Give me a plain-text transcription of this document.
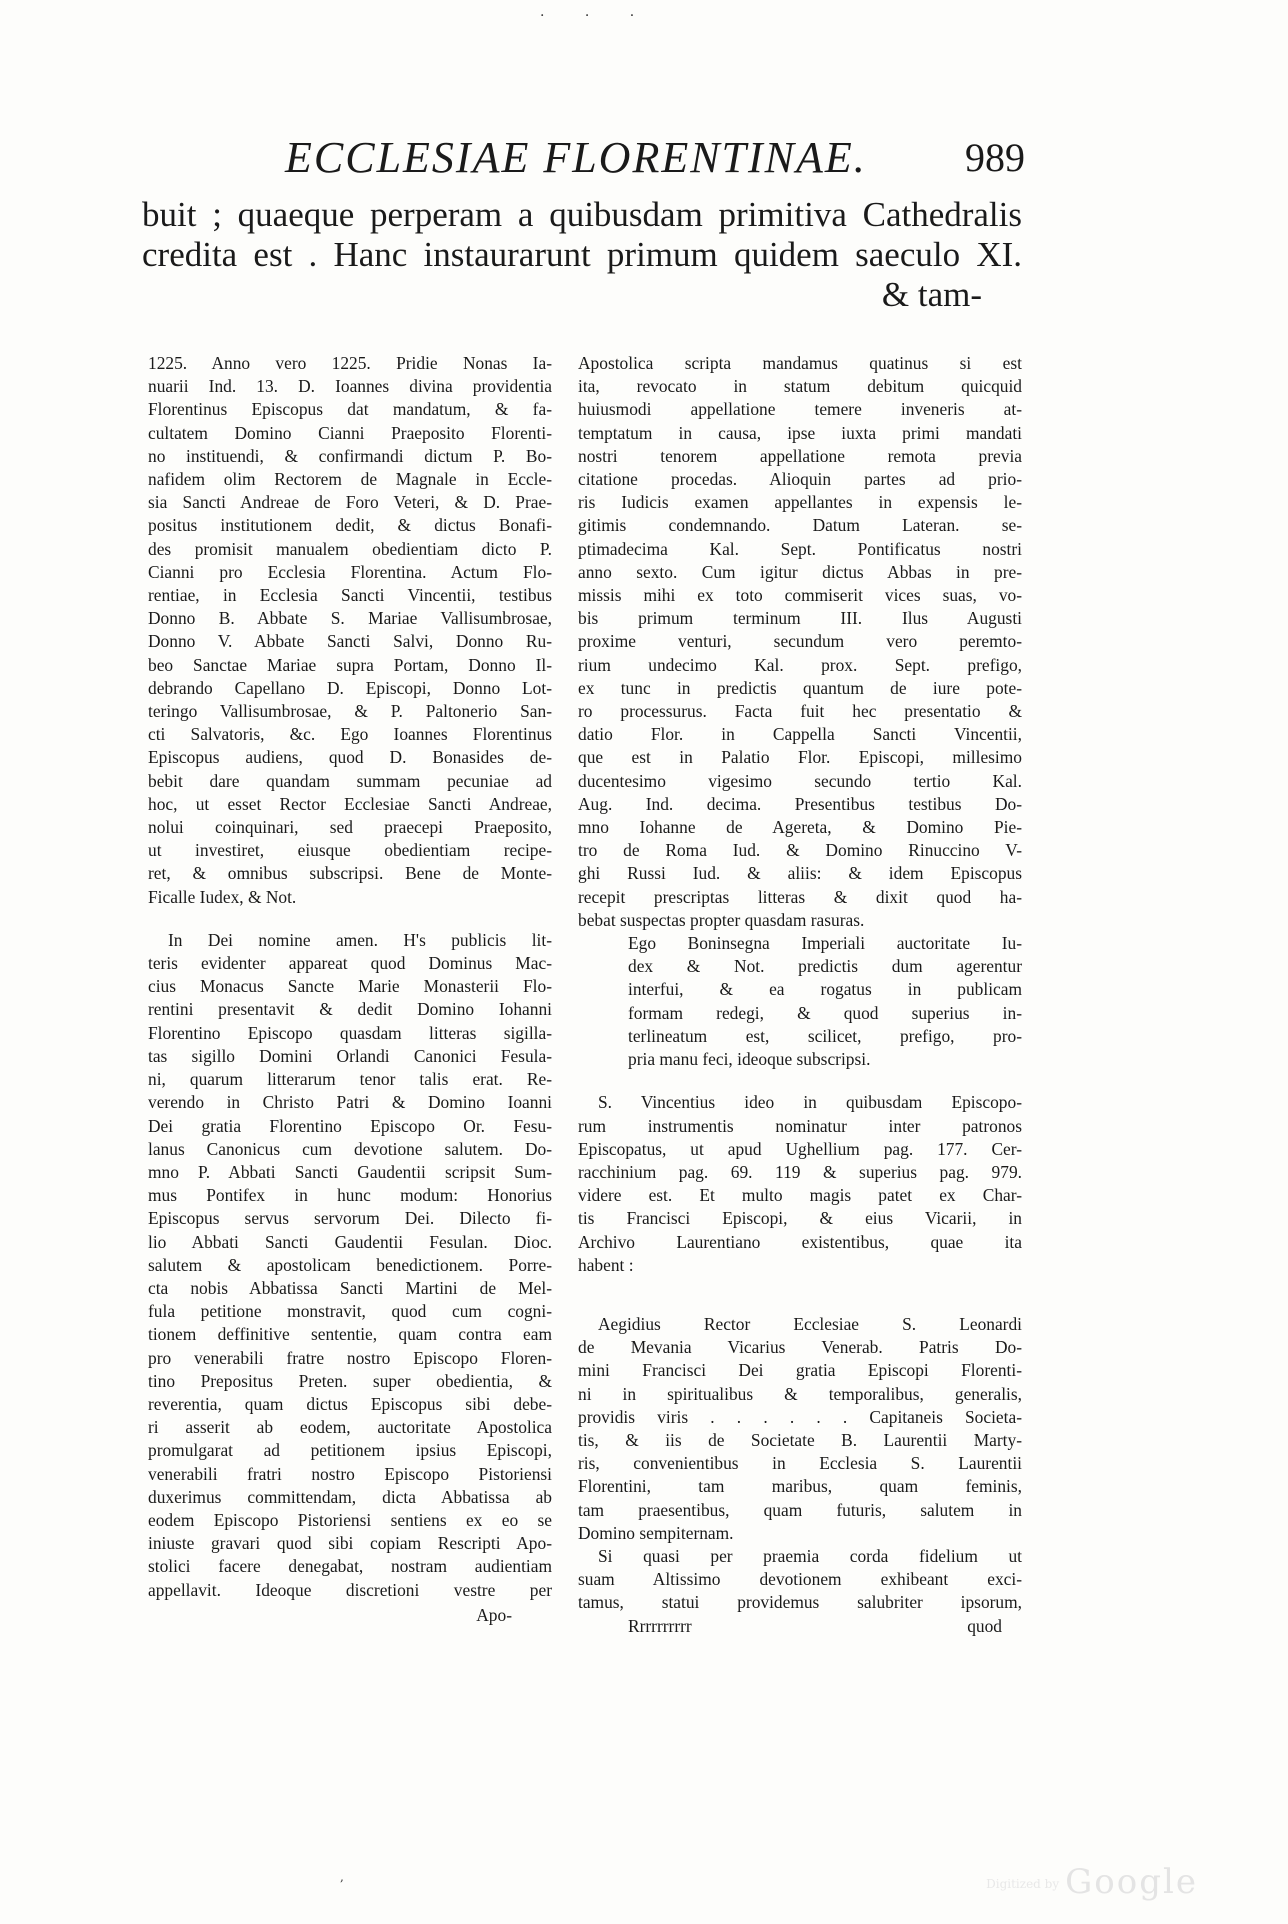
· · ·
ECCLESIAE FLORENTINAE. 989
buit ; quaeque perperam a quibusdam primitiva Cathedralis
credita est . Hanc instaurarunt primum quidem saeculo XI.
& tam-

1225. Anno vero 1225. Pridie Nonas Ia-

nuarii Ind. 13. D. Ioannes divina providentia

Florentinus Episcopus dat mandatum, & fa-

cultatem Domino Cianni Praeposito Florenti-

no instituendi, & confirmandi dictum P. Bo-

nafidem olim Rectorem de Magnale in Eccle-

sia Sancti Andreae de Foro Veteri, & D. Prae-

positus institutionem dedit, & dictus Bonafi-

des promisit manualem obedientiam dicto P.

Cianni pro Ecclesia Florentina. Actum Flo-

rentiae, in Ecclesia Sancti Vincentii, testibus

Donno B. Abbate S. Mariae Vallisumbrosae,

Donno V. Abbate Sancti Salvi, Donno Ru-

beo Sanctae Mariae supra Portam, Donno Il-

debrando Capellano D. Episcopi, Donno Lot-

teringo Vallisumbrosae, & P. Paltonerio San-

cti Salvatoris, &c. Ego Ioannes Florentinus

Episcopus audiens, quod D. Bonasides de-

bebit dare quandam summam pecuniae ad

hoc, ut esset Rector Ecclesiae Sancti Andreae,

nolui coinquinari, sed praecepi Praeposito,

ut investiret, eiusque obedientiam recipe-

ret, & omnibus subscripsi. Bene de Monte-

Ficalle Iudex, & Not.

In Dei nomine amen. H's publicis lit-

teris evidenter appareat quod Dominus Mac-

cius Monacus Sancte Marie Monasterii Flo-

rentini presentavit & dedit Domino Iohanni

Florentino Episcopo quasdam litteras sigilla-

tas sigillo Domini Orlandi Canonici Fesula-

ni, quarum litterarum tenor talis erat. Re-

verendo in Christo Patri & Domino Ioanni

Dei gratia Florentino Episcopo Or. Fesu-

lanus Canonicus cum devotione salutem. Do-

mno P. Abbati Sancti Gaudentii scripsit Sum-

mus Pontifex in hunc modum: Honorius

Episcopus servus servorum Dei. Dilecto fi-

lio Abbati Sancti Gaudentii Fesulan. Dioc.

salutem & apostolicam benedictionem. Porre-

cta nobis Abbatissa Sancti Martini de Mel-

fula petitione monstravit, quod cum cogni-

tionem deffinitive sententie, quam contra eam

pro venerabili fratre nostro Episcopo Floren-

tino Prepositus Preten. super obedientia, &

reverentia, quam dictus Episcopus sibi debe-

ri asserit ab eodem, auctoritate Apostolica

promulgarat ad petitionem ipsius Episcopi,

venerabili fratri nostro Episcopo Pistoriensi

duxerimus committendam, dicta Abbatissa ab

eodem Episcopo Pistoriensi sentiens ex eo se

iniuste gravari quod sibi copiam Rescripti Apo-

stolici facere denegabat, nostram audientiam

appellavit. Ideoque discretioni vestre per

Apo-

Apostolica scripta mandamus quatinus si est

ita, revocato in statum debitum quicquid

huiusmodi appellatione temere inveneris at-

temptatum in causa, ipse iuxta primi mandati

nostri tenorem appellatione remota previa

citatione procedas. Alioquin partes ad prio-

ris Iudicis examen appellantes in expensis le-

gitimis condemnando. Datum Lateran. se-

ptimadecima Kal. Sept. Pontificatus nostri

anno sexto. Cum igitur dictus Abbas in pre-

missis mihi ex toto commiserit vices suas, vo-

bis primum terminum III. Ilus Augusti

proxime venturi, secundum vero peremto-

rium undecimo Kal. prox. Sept. prefigo,

ex tunc in predictis quantum de iure pote-

ro processurus. Facta fuit hec presentatio &

datio Flor. in Cappella Sancti Vincentii,

que est in Palatio Flor. Episcopi, millesimo

ducentesimo vigesimo secundo tertio Kal.

Aug. Ind. decima. Presentibus testibus Do-

mno Iohanne de Agereta, & Domino Pie-

tro de Roma Iud. & Domino Rinuccino V-

ghi Russi Iud. & aliis: & idem Episcopus

recepit prescriptas litteras & dixit quod ha-

bebat suspectas propter quasdam rasuras.

Ego Boninsegna Imperiali auctoritate Iu-

dex & Not. predictis dum agerentur

interfui, & ea rogatus in publicam

formam redegi, & quod superius in-

terlineatum est, scilicet, prefigo, pro-

pria manu feci, ideoque subscripsi.

S. Vincentius ideo in quibusdam Episcopo-

rum instrumentis nominatur inter patronos

Episcopatus, ut apud Ughellium pag. 177. Cer-

racchinium pag. 69. 119 & superius pag. 979.

videre est. Et multo magis patet ex Char-

tis Francisci Episcopi, & eius Vicarii, in

Archivo Laurentiano existentibus, quae ita

habent :

Aegidius Rector Ecclesiae S. Leonardi

de Mevania Vicarius Venerab. Patris Do-

mini Francisci Dei gratia Episcopi Florenti-

ni in spiritualibus & temporalibus, generalis,

providis viris . . . . . . Capitaneis Societa-

tis, & iis de Societate B. Laurentii Marty-

ris, convenientibus in Ecclesia S. Laurentii

Florentini, tam maribus, quam feminis,

tam praesentibus, quam futuris, salutem in

Domino sempiternam.

Si quasi per praemia corda fidelium ut

suam Altissimo devotionem exhibeant exci-

tamus, statui providemus salubriter ipsorum,

Rrrrrrrrrr	quod
,	Digitized by Google
